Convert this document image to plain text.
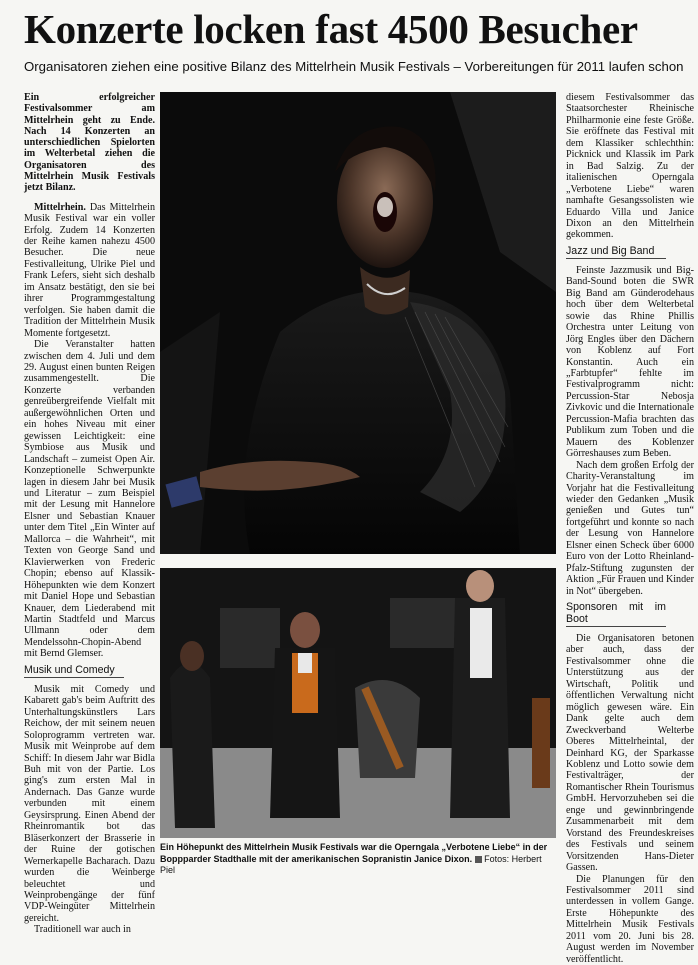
Konzerte locken fast 4500 Besucher
Organisatoren ziehen eine positive Bilanz des Mittelrhein Musik Festivals – Vorbereitungen für 2011 laufen schon

Ein erfolgreicher Festivalsommer am Mittelrhein geht zu Ende. Nach 14 Konzerten an unterschiedlichen Spielorten im Welterbetal ziehen die Organisatoren des Mittelrhein Musik Festivals jetzt Bilanz.

Mittelrhein. Das Mittelrhein Musik Festival war ein voller Erfolg. Zudem 14 Konzerten der Reihe kamen nahezu 4500 Besucher. Die neue Festivalleitung, Ulrike Piel und Frank Lefers, sieht sich deshalb im Ansatz bestätigt, den sie bei ihrer Programmgestaltung verfolgen. Sie haben damit die Tradition der Mittelrhein Musik Momente fortgesetzt.

Die Veranstalter hatten zwischen dem 4. Juli und dem 29. August einen bunten Reigen zusammengestellt. Die Konzerte verbanden genreübergreifende Vielfalt mit außergewöhnlichen Orten und ein hohes Niveau mit einer gewissen Leichtigkeit: eine Symbiose aus Musik und Landschaft – zumeist Open Air. Konzeptionelle Schwerpunkte lagen in diesem Jahr bei Musik und Literatur – zum Beispiel mit der Lesung mit Hannelore Elsner und Sebastian Knauer unter dem Titel „Ein Winter auf Mallorca – die Wahrheit“, mit Texten von George Sand und Klavierwerken von Frederic Chopin; ebenso auf Klassik-Höhepunkten wie dem Konzert mit Daniel Hope und Sebastian Knauer, dem Liederabend mit Martin Stadtfeld und Marcus Ullmann oder dem Mendelssohn-Chopin-Abend mit Bernd Glemser.

Musik und Comedy

Musik mit Comedy und Kabarett gab's beim Auftritt des Unterhaltungskünstlers Lars Reichow, der mit seinem neuen Soloprogramm vertreten war. Musik mit Weinprobe auf dem Schiff: In diesem Jahr war Bidla Buh mit von der Partie. Los ging's zum ersten Mal in Andernach. Das Ganze wurde verbunden mit einem Geysirsprung. Einen Abend der Rheinromantik bot das Bläserkonzert der Brasserie in der Ruine der gotischen Wernerkapelle Bacharach. Dazu wurden die Weinberge beleuchtet und Weinprobengänge der fünf VDP-Weingüter Mittelrhein gereicht.

Traditionell war auch in

Ein Höhepunkt des Mittelrhein Musik Festivals war die Operngala „Verbotene Liebe“ in der Boppparder Stadthalle mit der amerikanischen Sopranistin Janice Dixon. Fotos: Herbert Piel

diesem Festivalsommer das Staatsorchester Rheinische Philharmonie eine feste Größe. Sie eröffnete das Festival mit dem Klassiker schlechthin: Picknick und Klassik im Park in Bad Salzig. Zu der italienischen Operngala „Verbotene Liebe“ waren namhafte Gesangssolisten wie Eduardo Villa und Janice Dixon an den Mittelrhein gekommen.

Jazz und Big Band

Feinste Jazzmusik und Big-Band-Sound boten die SWR Big Band am Günderodehaus hoch über dem Welterbetal sowie das Rhine Phillis Orchestra unter Leitung von Jörg Engles über den Dächern von Koblenz auf Fort Konstantin. Auch ein „Farbtupfer“ fehlte im Festivalprogramm nicht: Percussion-Star Nebosja Zivkovic und die Internationale Percussion-Mafia brachten das Publikum zum Toben und die Mauern des Koblenzer Görreshauses zum Beben.

Nach dem großen Erfolg der Charity-Veranstaltung im Vorjahr hat die Festivalleitung wieder den Gedanken „Musik genießen und Gutes tun“ fortgeführt und konnte so nach der Lesung von Hannelore Elsner einen Scheck über 6000 Euro von der Lotto Rheinland-Pfalz-Stiftung zugunsten der Aktion „Für Frauen und Kinder in Not“ übergeben.

Sponsoren mit im Boot

Die Organisatoren betonen aber auch, dass der Festivalsommer ohne die Unterstützung aus der Wirtschaft, Politik und öffentlichen Verwaltung nicht möglich gewesen wäre. Ein Dank gelte auch dem Zweckverband Welterbe Oberes Mittelrheintal, der Deinhard KG, der Sparkasse Koblenz und Lotto sowie dem Festivalträger, der Romantischer Rhein Tourismus GmbH. Hervorzuheben sei die enge und gewinnbringende Zusammenarbeit mit dem Vorstand des Freundeskreises des Festivals und seinem Vorsitzenden Hans-Dieter Gassen.

Die Planungen für den Festivalsommer 2011 sind unterdessen in vollem Gange. Erste Höhepunkte des Mittelrhein Musik Festivals 2011 vom 20. Juni bis 28. August werden im November veröffentlicht.
